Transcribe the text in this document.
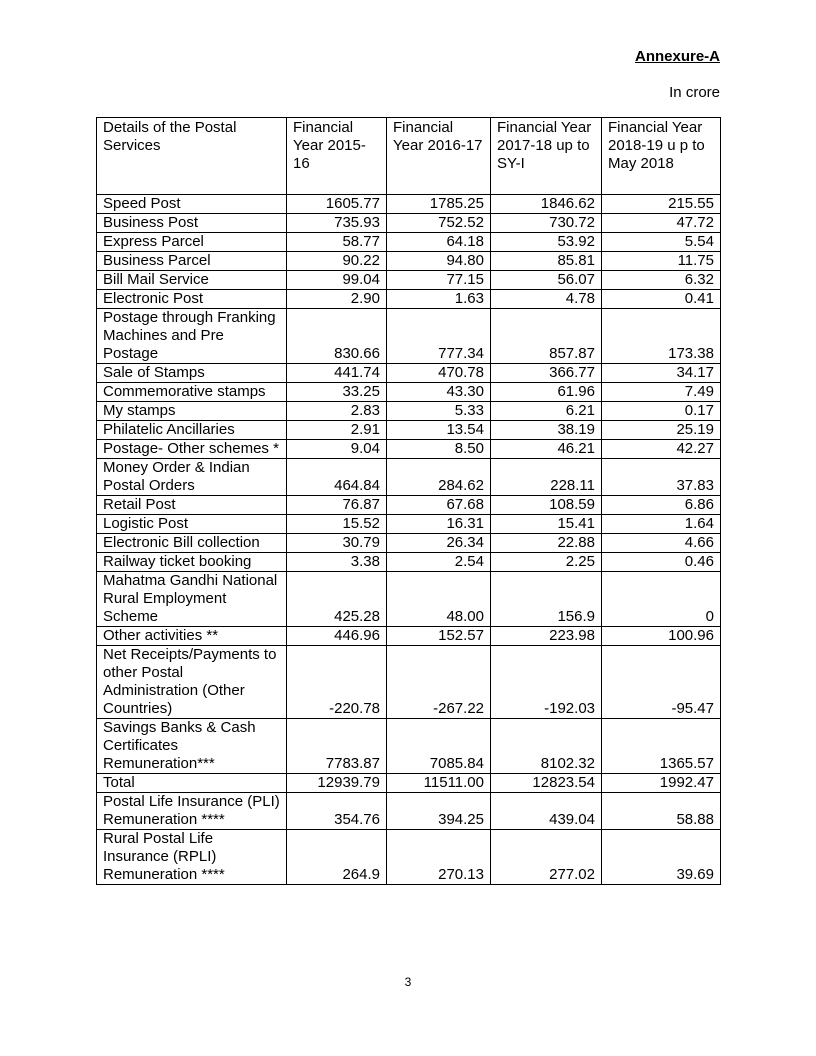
Annexure-A
In crore
Details of the Postal Services	Financial Year 2015-16	Financial Year 2016-17	Financial Year 2017-18 up to SY-I	Financial Year 2018-19 u p to May 2018
Speed Post	1605.77	1785.25	1846.62	215.55
Business Post	735.93	752.52	730.72	47.72
Express Parcel	58.77	64.18	53.92	5.54
Business Parcel	90.22	94.80	85.81	11.75
Bill Mail Service	99.04	77.15	56.07	6.32
Electronic Post	2.90	1.63	4.78	0.41
Postage through Franking Machines and Pre Postage	830.66	777.34	857.87	173.38
Sale of Stamps	441.74	470.78	366.77	34.17
Commemorative stamps	33.25	43.30	61.96	7.49
My stamps	2.83	5.33	6.21	0.17
Philatelic Ancillaries	2.91	13.54	38.19	25.19
Postage- Other schemes *	9.04	8.50	46.21	42.27
Money Order & Indian Postal Orders	464.84	284.62	228.11	37.83
Retail Post	76.87	67.68	108.59	6.86
Logistic Post	15.52	16.31	15.41	1.64
Electronic Bill collection	30.79	26.34	22.88	4.66
Railway ticket booking	3.38	2.54	2.25	0.46
Mahatma Gandhi National Rural Employment Scheme	425.28	48.00	156.9	0
Other activities **	446.96	152.57	223.98	100.96
Net Receipts/Payments to other Postal Administration (Other Countries)	-220.78	-267.22	-192.03	-95.47
Savings Banks & Cash Certificates Remuneration***	7783.87	7085.84	8102.32	1365.57
Total	12939.79	11511.00	12823.54	1992.47
Postal Life Insurance (PLI) Remuneration ****	354.76	394.25	439.04	58.88
Rural Postal Life Insurance (RPLI) Remuneration ****	264.9	270.13	277.02	39.69
3
